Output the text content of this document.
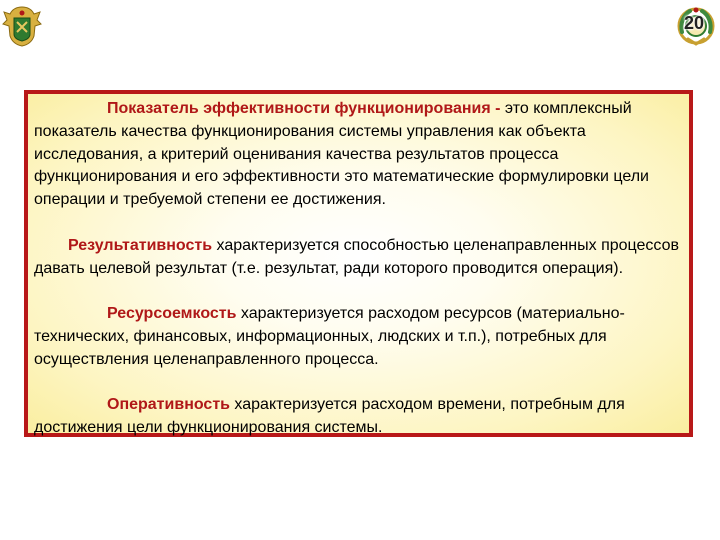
20

Показатель эффективности функционирования - это комплексный показатель качества функционирования системы управления как объекта исследования, а критерий оценивания качества результатов процесса функционирования и его эффективности это математические формулировки цели операции и требуемой степени ее достижения.

Результативность характеризуется способностью целенаправленных процессов давать целевой результат (т.е. результат, ради которого проводится операция).

Ресурсоемкость характеризуется расходом ресурсов (материально-технических, финансовых, информационных, людских и т.п.), потребных для осуществления целенаправленного процесса.

Оперативность характеризуется расходом времени, потребным для достижения цели функционирования системы.
